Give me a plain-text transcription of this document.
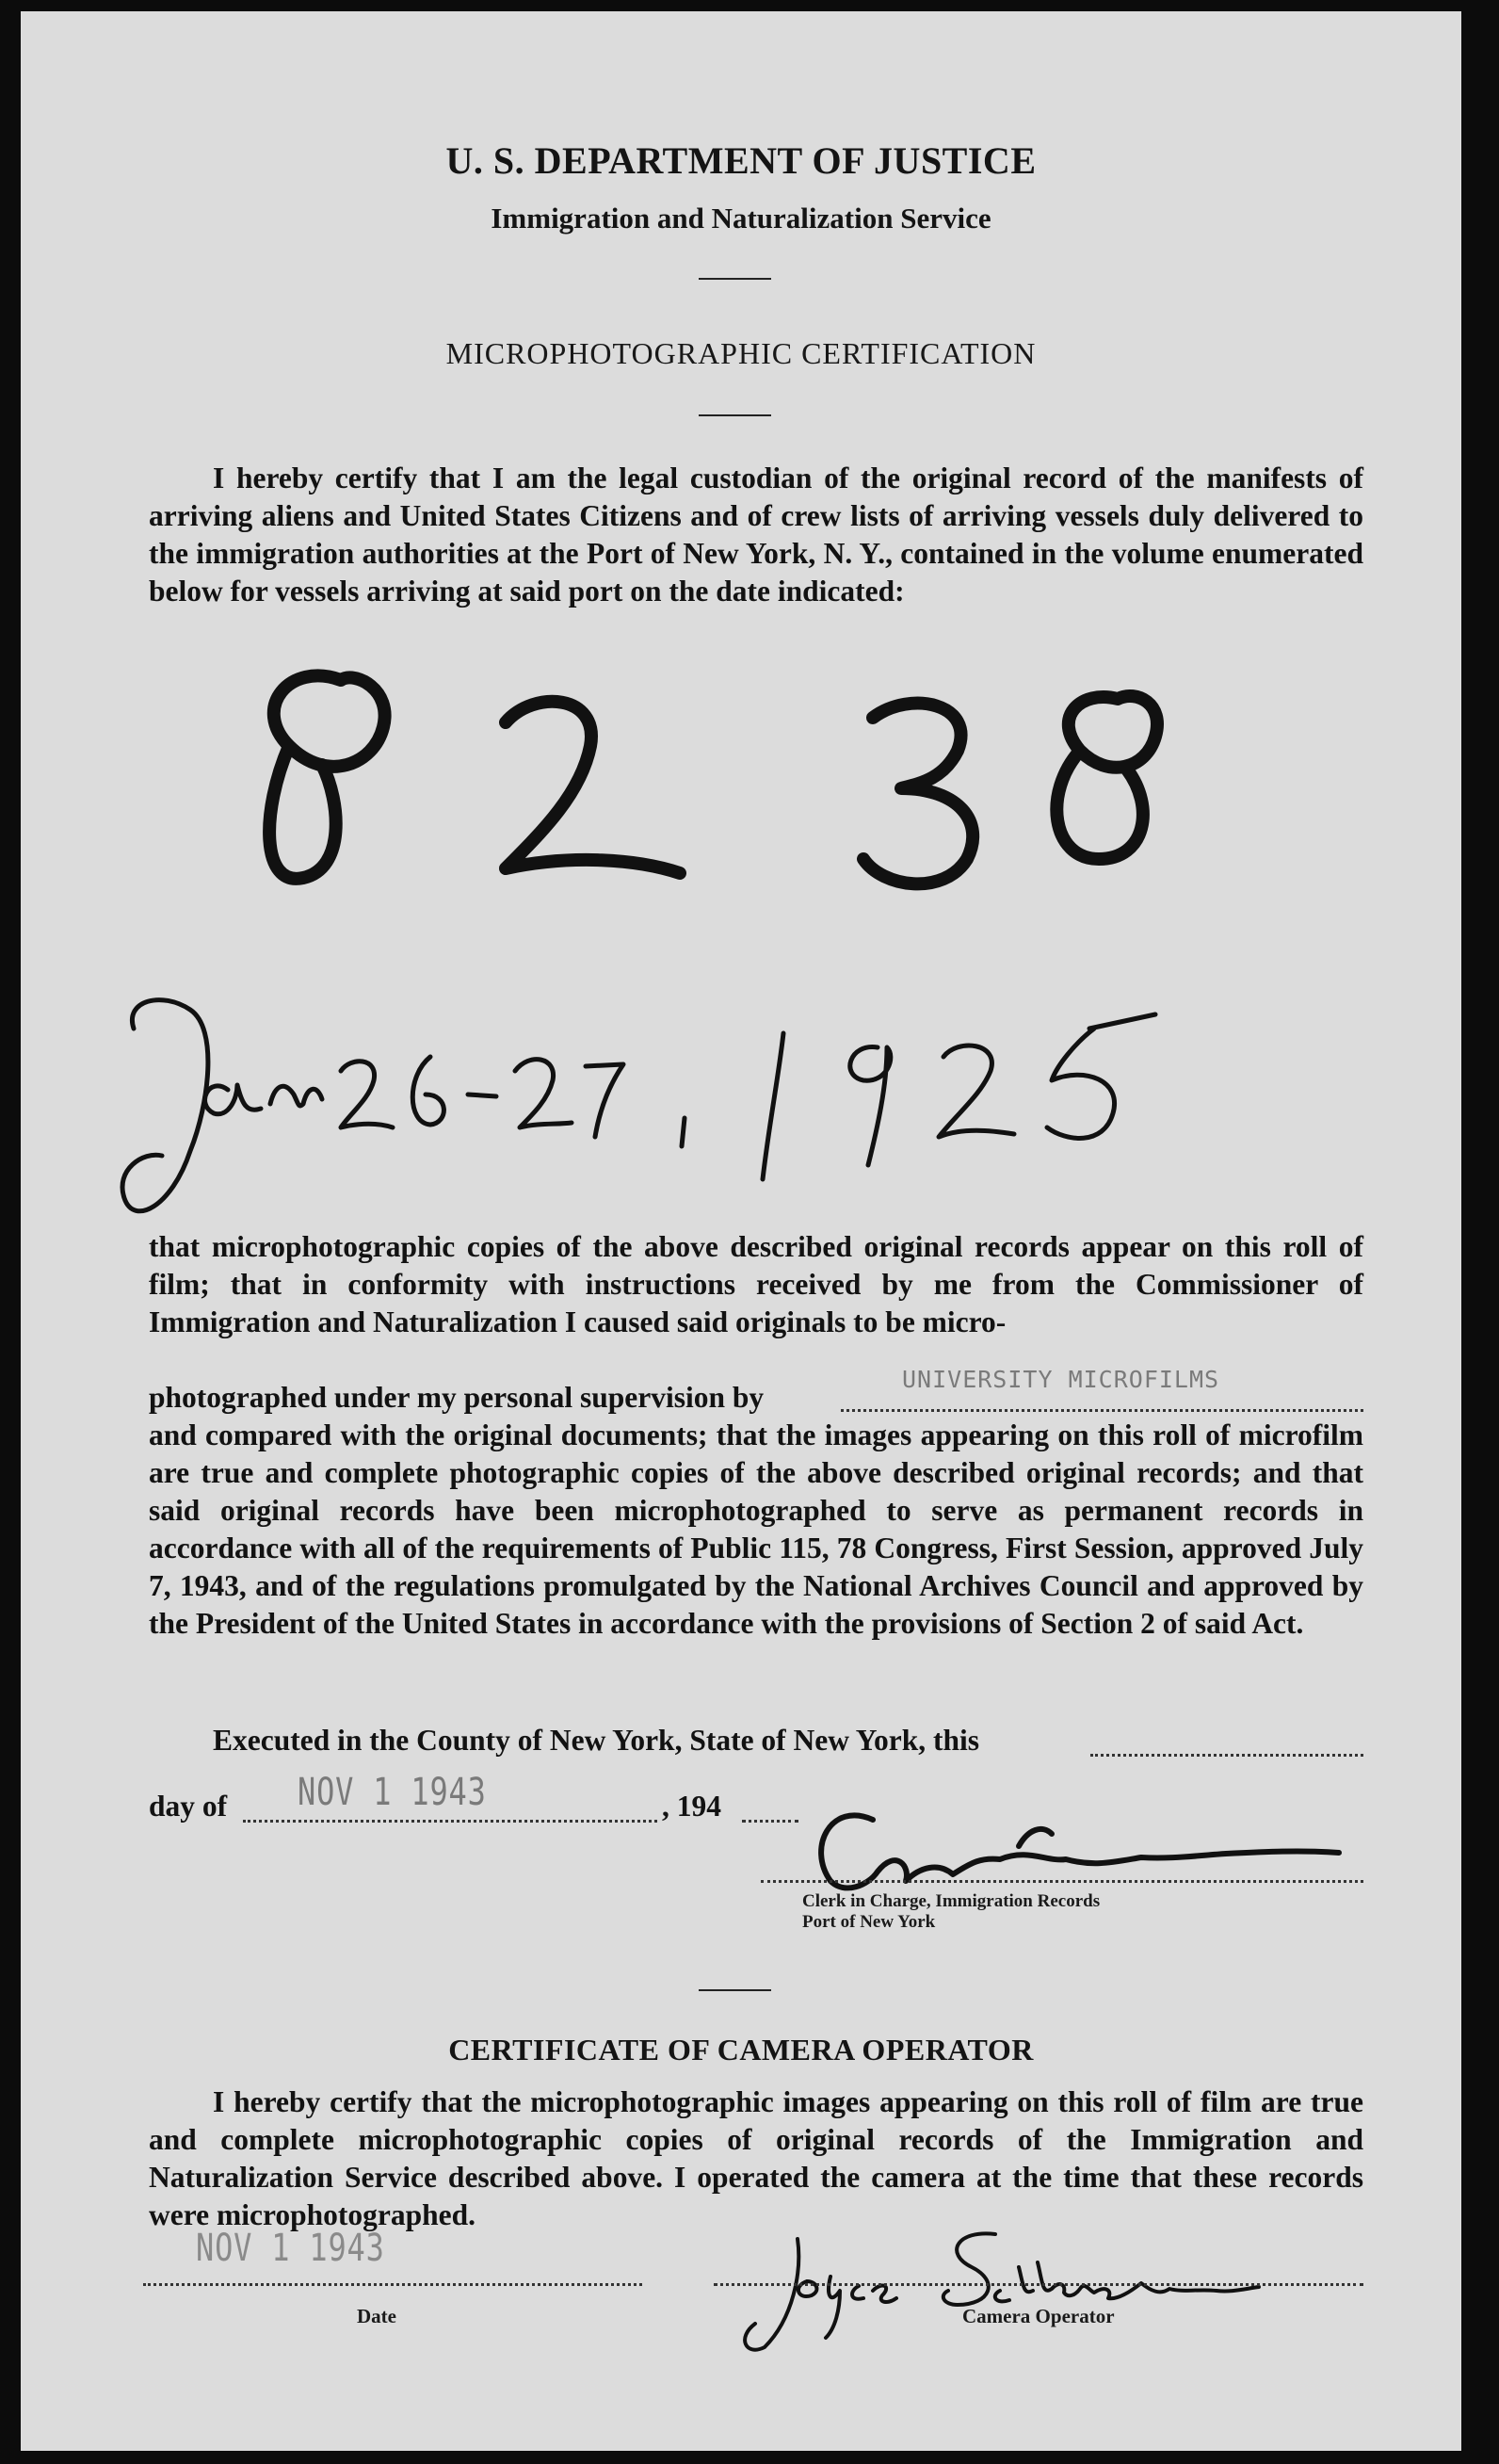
U. S. DEPARTMENT OF JUSTICE
Immigration and Naturalization Service
MICROPHOTOGRAPHIC CERTIFICATION

I hereby certify that I am the legal custodian of the original record of the manifests of arriving aliens and United States Citizens and of crew lists of arriving vessels duly delivered to the immigration authorities at the Port of New York, N. Y., contained in the volume enumerated below for vessels arriving at said port on the date indicated:

that microphotographic copies of the above described original records appear on this roll of film; that in conformity with instructions received by me from the Commissioner of Immigration and Naturalization I caused said originals to be micro-

photographed under my personal supervision by
UNIVERSITY MICROFILMS

and compared with the original documents; that the images appearing on this roll of microfilm are true and complete photographic copies of the above described original records; and that said original records have been microphotographed to serve as permanent records in accordance with all of the requirements of Public 115, 78 Congress, First Session, approved July 7, 1943, and of the regulations promulgated by the National Archives Council and approved by the President of the United States in accordance with the provisions of Section 2 of said Act.

Executed in the County of New York, State of New York, this
day of NOV 1 1943	, 194
Clerk in Charge, Immigration Records
Port of New York
CERTIFICATE OF CAMERA OPERATOR

I hereby certify that the microphotographic images appearing on this roll of film are true and complete microphotographic copies of original records of the Immigration and Naturalization Service described above. I operated the camera at the time that these records were microphotographed.

NOV 1 1943
Date	Camera Operator
